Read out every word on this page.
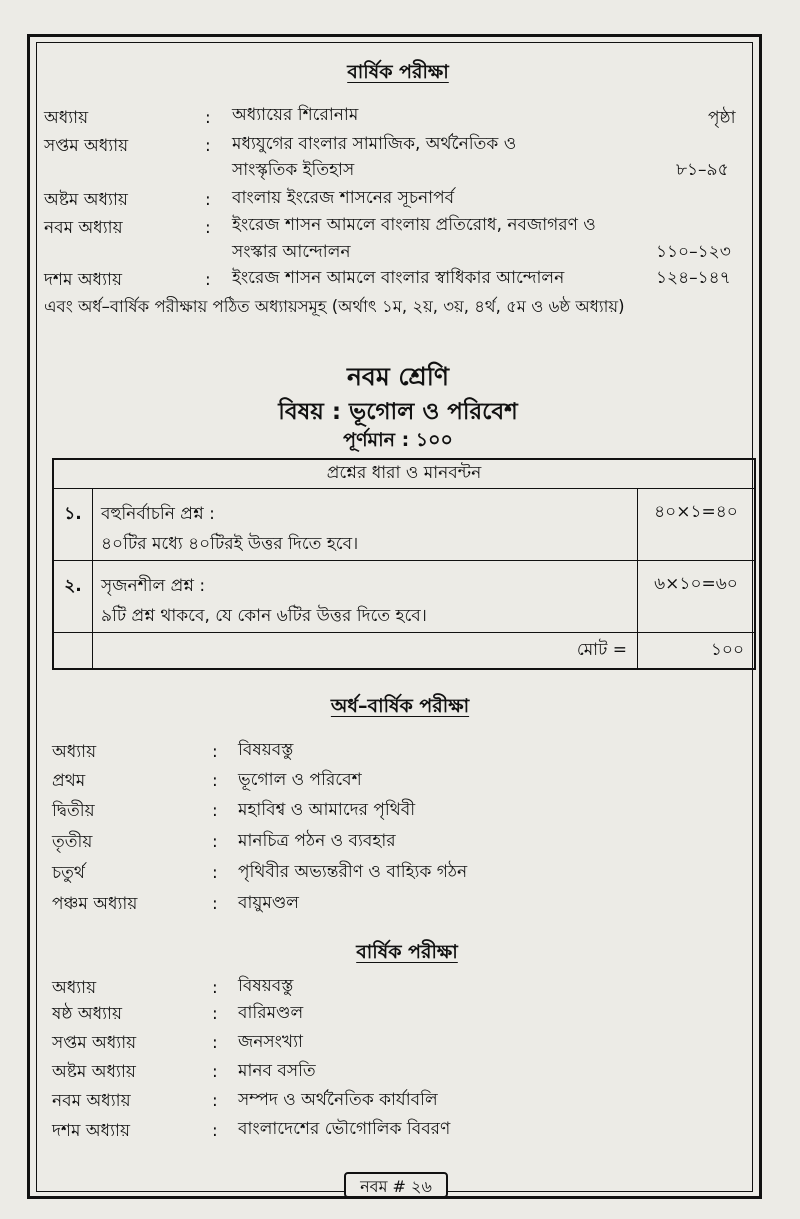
বার্ষিক পরীক্ষা
অধ্যায়	: অধ্যায়ের শিরোনাম	পৃষ্ঠা
সপ্তম অধ্যায়	: মধ্যযুগের বাংলার সামাজিক, অর্থনৈতিক ও
সাংস্কৃতিক ইতিহাস	৮১–৯৫
অষ্টম অধ্যায়	: বাংলায় ইংরেজ শাসনের সূচনাপর্ব
নবম অধ্যায়	: ইংরেজ শাসন আমলে বাংলায় প্রতিরোধ, নবজাগরণ ও
সংস্কার আন্দোলন	১১০–১২৩
দশম অধ্যায়	: ইংরেজ শাসন আমলে বাংলার স্বাধিকার আন্দোলন	১২৪–১৪৭
এবং অর্ধ–বার্ষিক পরীক্ষায় পঠিত অধ্যায়সমূহ (অর্থাৎ ১ম, ২য়, ৩য়, ৪র্থ, ৫ম ও ৬ষ্ঠ অধ্যায়)
নবম শ্রেণি
বিষয় : ভূগোল ও পরিবেশ
পূর্ণমান : ১০০
প্রশ্নের ধারা ও মানবন্টন		
১.	বহুনির্বাচনি প্রশ্ন :
৪০টির মধ্যে ৪০টিরই উত্তর দিতে হবে।	৪০×১=৪০
২.	সৃজনশীল প্রশ্ন :
৯টি প্রশ্ন থাকবে, যে কোন ৬টির উত্তর দিতে হবে।	৬×১০=৬০
	মোট =	১০০
অর্ধ–বার্ষিক পরীক্ষা
অধ্যায়	: বিষয়বস্তু
প্রথম	: ভূগোল ও পরিবেশ
দ্বিতীয়	: মহাবিশ্ব ও আমাদের পৃথিবী
তৃতীয়	: মানচিত্র পঠন ও ব্যবহার
চতুর্থ	: পৃথিবীর অভ্যন্তরীণ ও বাহ্যিক গঠন
পঞ্চম অধ্যায়	: বায়ুমণ্ডল
বার্ষিক পরীক্ষা
অধ্যায়	: বিষয়বস্তু
ষষ্ঠ অধ্যায়	: বারিমণ্ডল
সপ্তম অধ্যায়	: জনসংখ্যা
অষ্টম অধ্যায়	: মানব বসতি
নবম অধ্যায়	: সম্পদ ও অর্থনৈতিক কার্যাবলি
দশম অধ্যায়	: বাংলাদেশের ভৌগোলিক বিবরণ
নবম # ২৬
